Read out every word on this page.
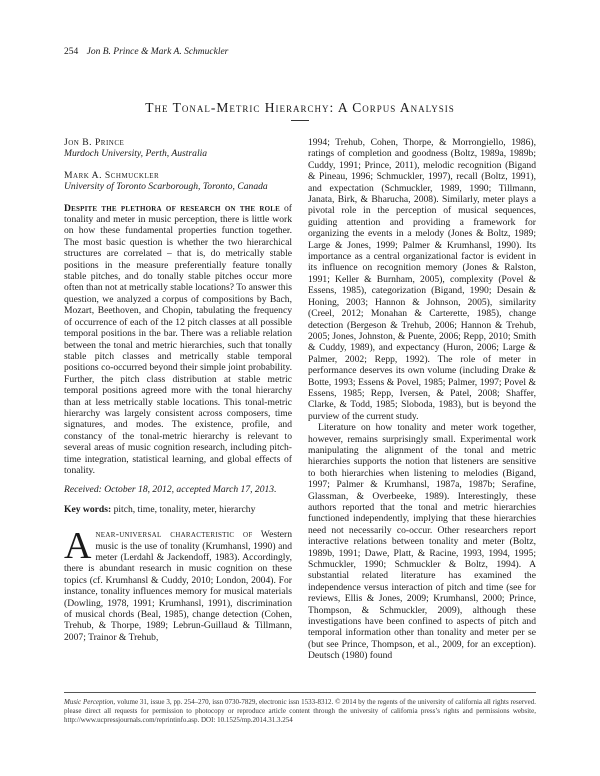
254 Jon B. Prince & Mark A. Schmuckler
The Tonal-Metric Hierarchy: A Corpus Analysis

Jon B. Prince

Murdoch University, Perth, Australia

Mark A. Schmuckler

University of Toronto Scarborough, Toronto, Canada

Despite the plethora of research on the role of tonality and meter in music perception, there is little work on how these fundamental properties function together. The most basic question is whether the two hierarchical structures are correlated – that is, do metrically stable positions in the measure preferentially feature tonally stable pitches, and do tonally stable pitches occur more often than not at metrically stable locations? To answer this question, we analyzed a corpus of compositions by Bach, Mozart, Beethoven, and Chopin, tabulating the frequency of occurrence of each of the 12 pitch classes at all possible temporal positions in the bar. There was a reliable relation between the tonal and metric hierarchies, such that tonally stable pitch classes and metrically stable temporal positions co-occurred beyond their simple joint probability. Further, the pitch class distribution at stable metric temporal positions agreed more with the tonal hierarchy than at less metrically stable locations. This tonal-metric hierarchy was largely consistent across composers, time signatures, and modes. The existence, profile, and constancy of the tonal-metric hierarchy is relevant to several areas of music cognition research, including pitch-time integration, statistical learning, and global effects of tonality.

Received: October 18, 2012, accepted March 17, 2013.

Key words: pitch, time, tonality, meter, hierarchy

Anear-universal characteristic of Western music is the use of tonality (Krumhansl, 1990) and meter (Lerdahl & Jackendoff, 1983). Accordingly, there is abundant research in music cognition on these topics (cf. Krumhansl & Cuddy, 2010; London, 2004). For instance, tonality influences memory for musical materials (Dowling, 1978, 1991; Krumhansl, 1991), discrimination of musical chords (Beal, 1985), change detection (Cohen, Trehub, & Thorpe, 1989; Lebrun-Guillaud & Tillmann, 2007; Trainor & Trehub,

1994; Trehub, Cohen, Thorpe, & Morrongiello, 1986), ratings of completion and goodness (Boltz, 1989a, 1989b; Cuddy, 1991; Prince, 2011), melodic recognition (Bigand & Pineau, 1996; Schmuckler, 1997), recall (Boltz, 1991), and expectation (Schmuckler, 1989, 1990; Tillmann, Janata, Birk, & Bharucha, 2008). Similarly, meter plays a pivotal role in the perception of musical sequences, guiding attention and providing a framework for organizing the events in a melody (Jones & Boltz, 1989; Large & Jones, 1999; Palmer & Krumhansl, 1990). Its importance as a central organizational factor is evident in its influence on recognition memory (Jones & Ralston, 1991; Keller & Burnham, 2005), complexity (Povel & Essens, 1985), categorization (Bigand, 1990; Desain & Honing, 2003; Hannon & Johnson, 2005), similarity (Creel, 2012; Monahan & Carterette, 1985), change detection (Bergeson & Trehub, 2006; Hannon & Trehub, 2005; Jones, Johnston, & Puente, 2006; Repp, 2010; Smith & Cuddy, 1989), and expectancy (Huron, 2006; Large & Palmer, 2002; Repp, 1992). The role of meter in performance deserves its own volume (including Drake & Botte, 1993; Essens & Povel, 1985; Palmer, 1997; Povel & Essens, 1985; Repp, Iversen, & Patel, 2008; Shaffer, Clarke, & Todd, 1985; Sloboda, 1983), but is beyond the purview of the current study.

Literature on how tonality and meter work together, however, remains surprisingly small. Experimental work manipulating the alignment of the tonal and metric hierarchies supports the notion that listeners are sensitive to both hierarchies when listening to melodies (Bigand, 1997; Palmer & Krumhansl, 1987a, 1987b; Serafine, Glassman, & Overbeeke, 1989). Interestingly, these authors reported that the tonal and metric hierarchies functioned independently, implying that these hierarchies need not necessarily co-occur. Other researchers report interactive relations between tonality and meter (Boltz, 1989b, 1991; Dawe, Platt, & Racine, 1993, 1994, 1995; Schmuckler, 1990; Schmuckler & Boltz, 1994). A substantial related literature has examined the independence versus interaction of pitch and time (see for reviews, Ellis & Jones, 2009; Krumhansl, 2000; Prince, Thompson, & Schmuckler, 2009), although these investigations have been confined to aspects of pitch and temporal information other than tonality and meter per se (but see Prince, Thompson, et al., 2009, for an exception). Deutsch (1980) found

Music Perception, volume 31, issue 3, pp. 254–270, issn 0730-7829, electronic issn 1533-8312. © 2014 by the regents of the university of california all rights reserved. please direct all requests for permission to photocopy or reproduce article content through the university of california press’s rights and permissions website, http://www.ucpressjournals.com/reprintinfo.asp. DOI: 10.1525/mp.2014.31.3.254
